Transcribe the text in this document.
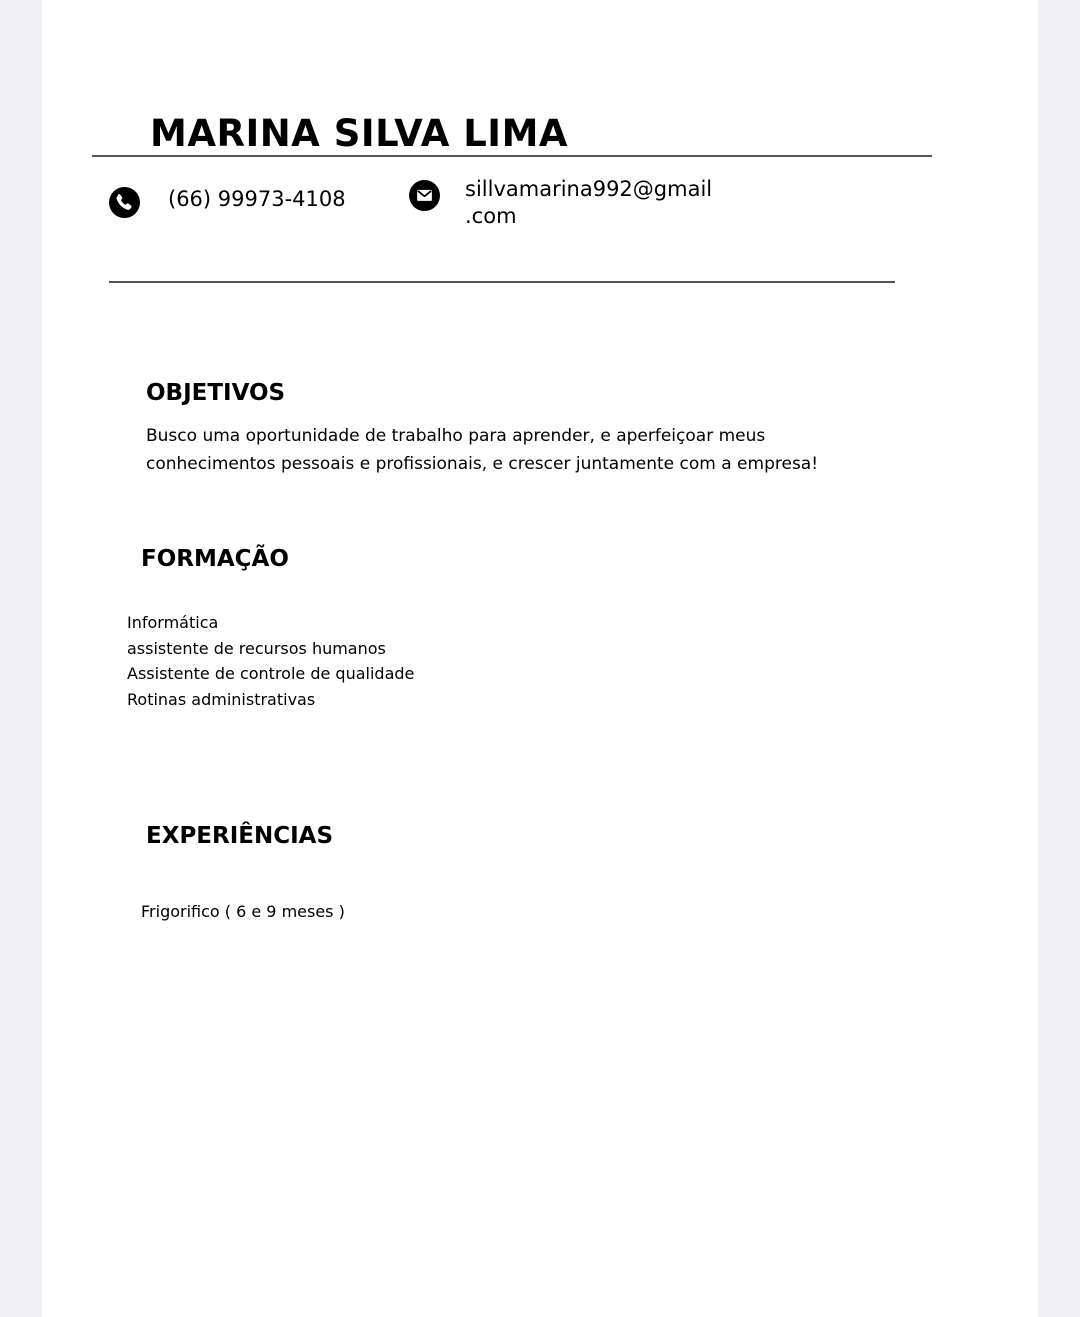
MARINA SILVA LIMA
(66) 99973-4108	sillvamarina992@gmail
.com
OBJETIVOS

Busco uma oportunidade de trabalho para aprender, e aperfeiçoar meus
conhecimentos pessoais e profissionais, e crescer juntamente com a empresa!

FORMAÇÃO
Informática
assistente de recursos humanos
Assistente de controle de qualidade
Rotinas administrativas
EXPERIÊNCIAS

Frigorifico ( 6 e 9 meses )
